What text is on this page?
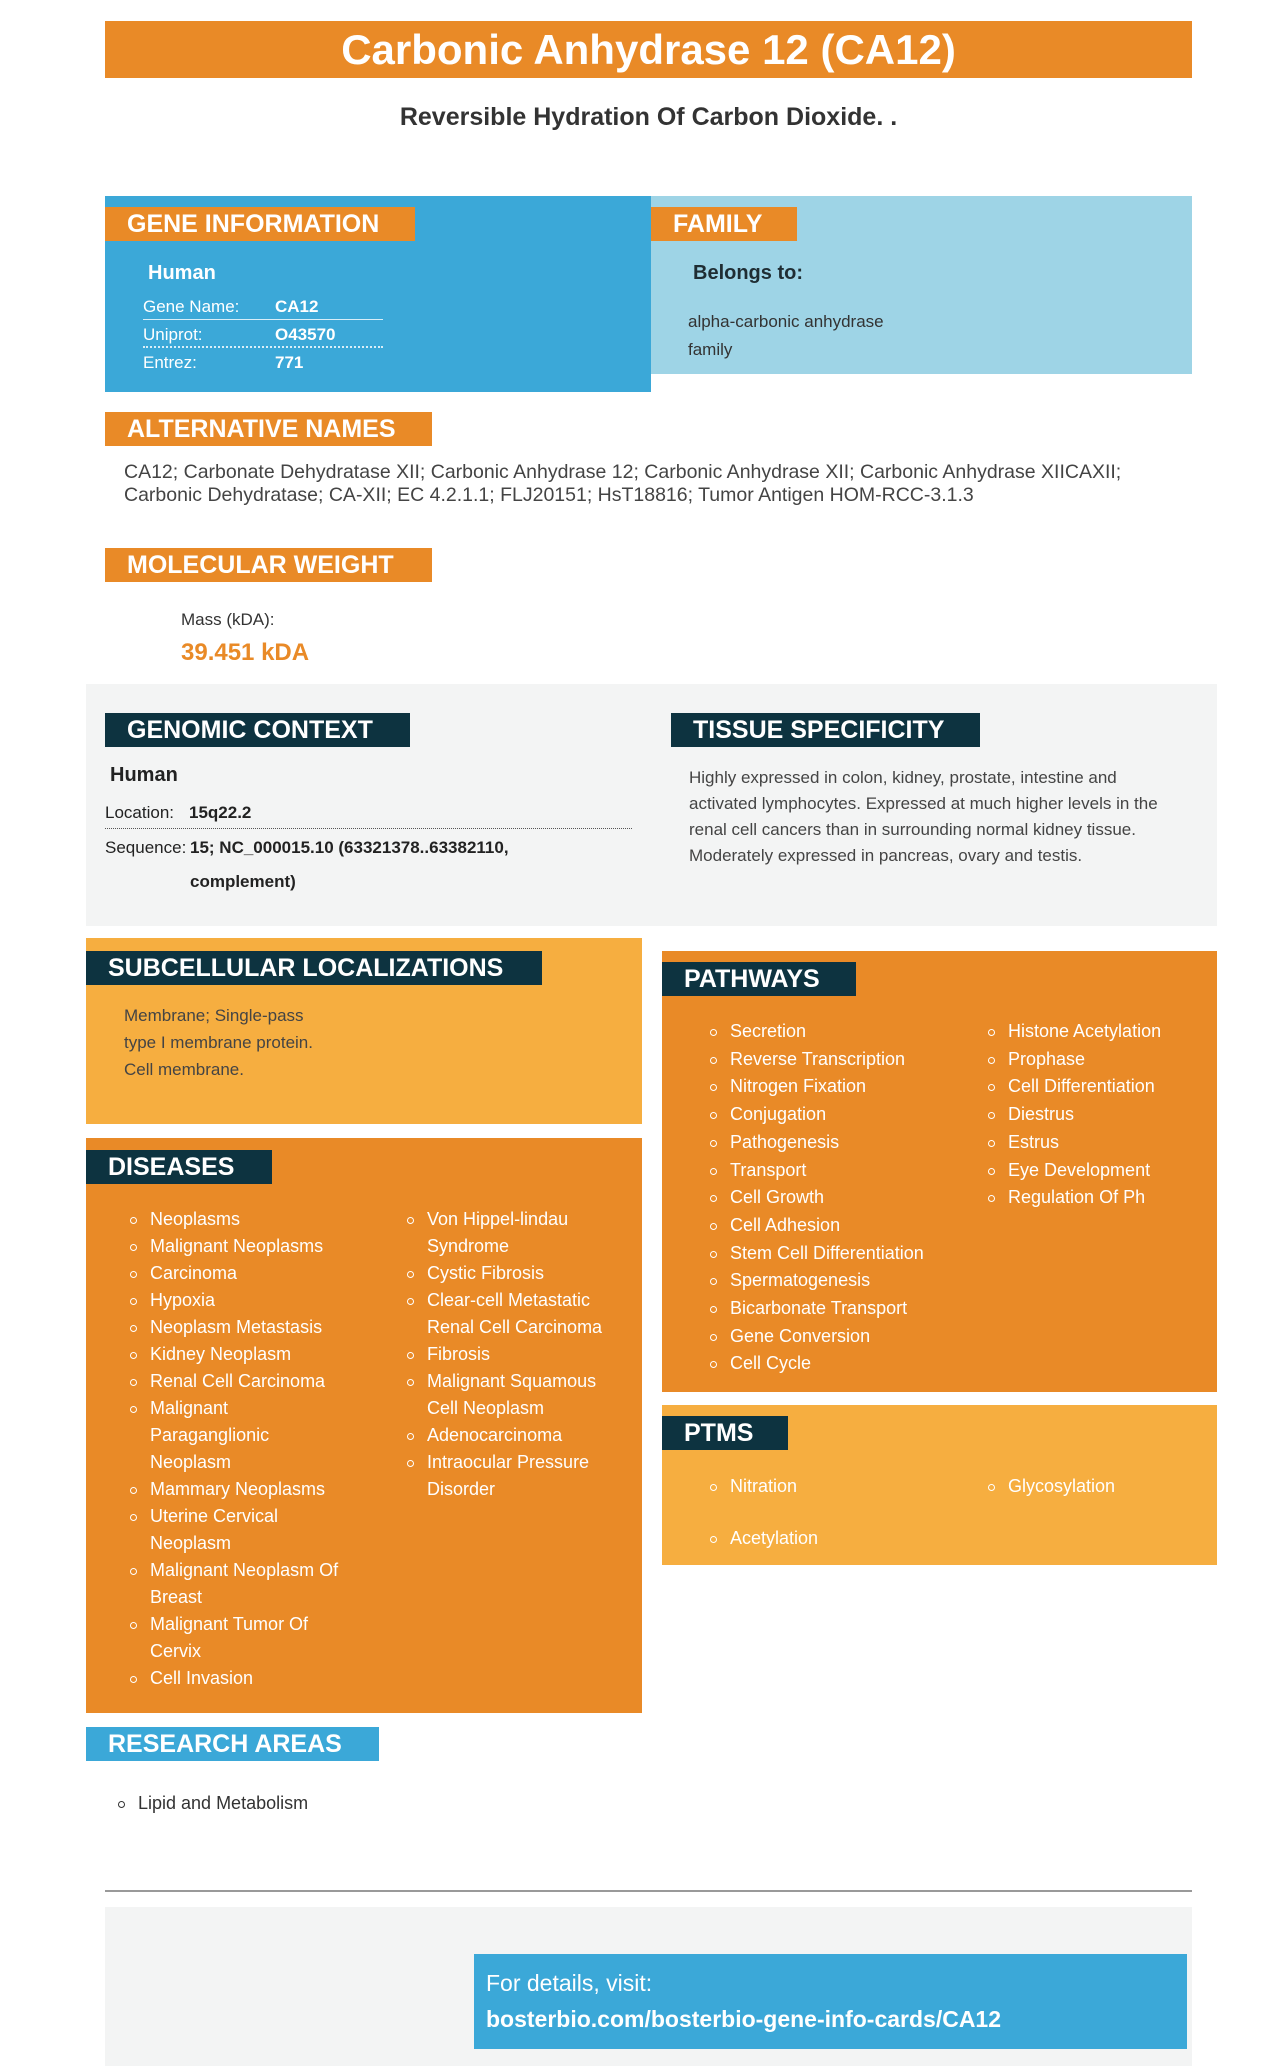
Carbonic Anhydrase 12 (CA12)
Reversible Hydration Of Carbon Dioxide. .
GENE INFORMATION
Human
Gene Name: CA12
Uniprot:	O43570
Entrez:	771
FAMILY
Belongs to:
alpha-carbonic anhydrase
family
ALTERNATIVE NAMES
CA12; Carbonate Dehydratase XII; Carbonic Anhydrase 12; Carbonic Anhydrase XII; Carbonic Anhydrase XIICAXII; Carbonic Dehydratase; CA-XII; EC 4.2.1.1; FLJ20151; HsT18816; Tumor Antigen HOM-RCC-3.1.3
MOLECULAR WEIGHT
Mass (kDA):
39.451 kDA
GENOMIC CONTEXT
Human
Location: 15q22.2
Sequence: 15; NC_000015.10 (63321378..63382110,
complement)
TISSUE SPECIFICITY
Highly expressed in colon, kidney, prostate, intestine and
activated lymphocytes. Expressed at much higher levels in the
renal cell cancers than in surrounding normal kidney tissue.
Moderately expressed in pancreas, ovary and testis.
SUBCELLULAR LOCALIZATIONS
Membrane; Single-pass
type I membrane protein.
Cell membrane.
PATHWAYS
Secretion
Reverse Transcription
Nitrogen Fixation
Conjugation
Pathogenesis
Transport
Cell Growth
Cell Adhesion
Stem Cell Differentiation
Spermatogenesis
Bicarbonate Transport
Gene Conversion
Cell Cycle
Histone Acetylation
Prophase
Cell Differentiation
Diestrus
Estrus
Eye Development
Regulation Of Ph
DISEASES
Neoplasms
Malignant Neoplasms
Carcinoma
Hypoxia
Neoplasm Metastasis
Kidney Neoplasm
Renal Cell Carcinoma
Malignant
Paraganglionic
Neoplasm
Mammary Neoplasms
Uterine Cervical
Neoplasm
Malignant Neoplasm Of
Breast
Malignant Tumor Of
Cervix
Cell Invasion
Von Hippel-lindau
Syndrome
Cystic Fibrosis
Clear-cell Metastatic
Renal Cell Carcinoma
Fibrosis
Malignant Squamous
Cell Neoplasm
Adenocarcinoma
Intraocular Pressure
Disorder
PTMS
Nitration	Glycosylation
Acetylation
RESEARCH AREAS
Lipid and Metabolism
For details, visit:
bosterbio.com/bosterbio-gene-info-cards/CA12
